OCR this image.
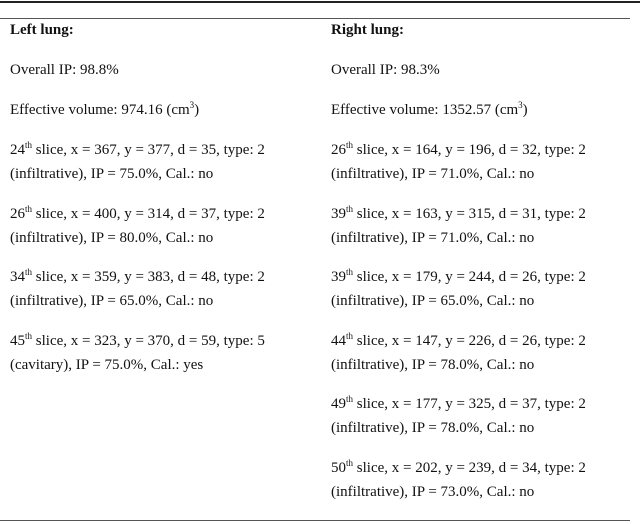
Left lung:
Overall IP: 98.8%
Effective volume: 974.16 $(cm^3)$
24th slice, x = 367, y = 377, d = 35, type: 2
(infiltrative), IP = 75.0%, Cal.: no
26th slice, x = 400, y = 314, d = 37, type: 2
(infiltrative), IP = 80.0%, Cal.: no
34th slice, x = 359, y = 383, d = 48, type: 2
(infiltrative), IP = 65.0%, Cal.: no
45th slice, x = 323, y = 370, d = 59, type: 5
(cavitary), IP = 75.0%, Cal.: yes
Right lung:
Overall IP: 98.3%
Effective volume: 1352.57 $(cm^3)$
26th slice, x = 164, y = 196, d = 32, type: 2
(infiltrative), IP = 71.0%, Cal.: no
39th slice, x = 163, y = 315, d = 31, type: 2
(infiltrative), IP = 71.0%, Cal.: no
39th slice, x = 179, y = 244, d = 26, type: 2
(infiltrative), IP = 65.0%, Cal.: no
44th slice, x = 147, y = 226, d = 26, type: 2
(infiltrative), IP = 78.0%, Cal.: no
49th slice, x = 177, y = 325, d = 37, type: 2
(infiltrative), IP = 78.0%, Cal.: no
50th slice, x = 202, y = 239, d = 34, type: 2
(infiltrative), IP = 73.0%, Cal.: no
